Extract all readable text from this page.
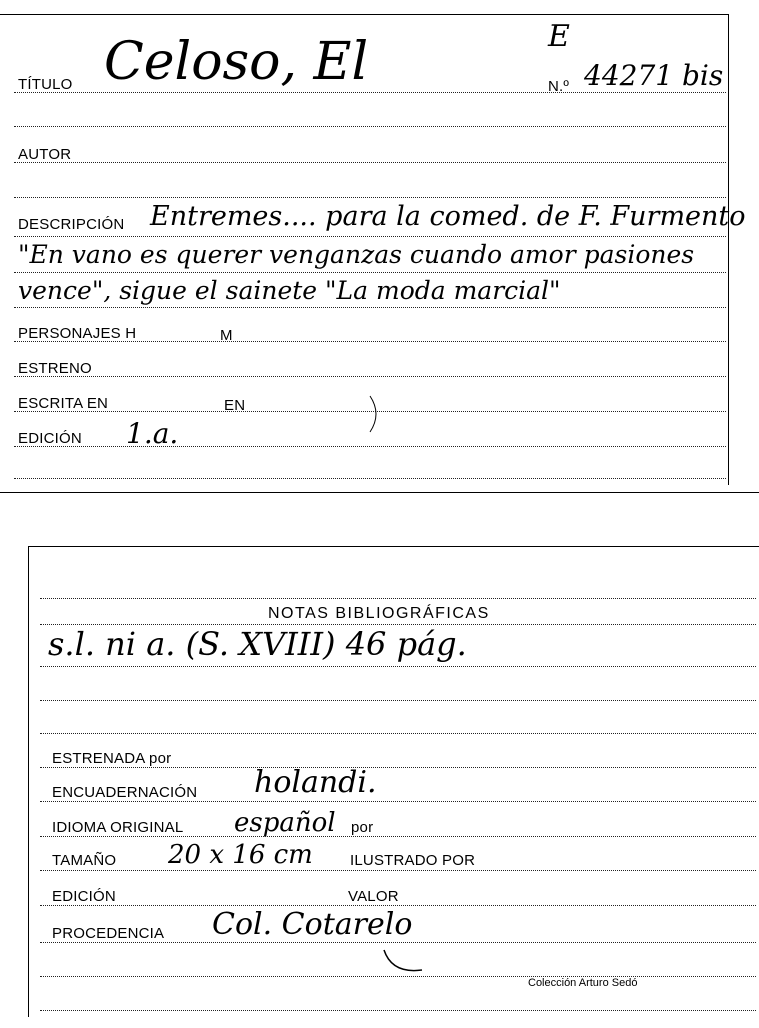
TÍTULO Celoso, El	E
N.º 44271 bis
AUTOR
DESCRIPCIÓN Entremes.... para la comed. de F. Furmento
"En vano es querer venganzas cuando amor pasiones
vence", sigue el sainete "La moda marcial"
PERSONAJES H	M
ESTRENO
ESCRITA EN	EN
EDICIÓN 1.a.
NOTAS BIBLIOGRÁFICAS
s.l. ni a. (S. XVIII) 46 pág.
ESTRENADA por
ENCUADERNACIÓN holandi.
IDIOMA ORIGINAL español por
TAMAÑO 20 x 16 cm ILUSTRADO POR
EDICIÓN	VALOR
PROCEDENCIA Col. Cotarelo
Colección Arturo Sedó
